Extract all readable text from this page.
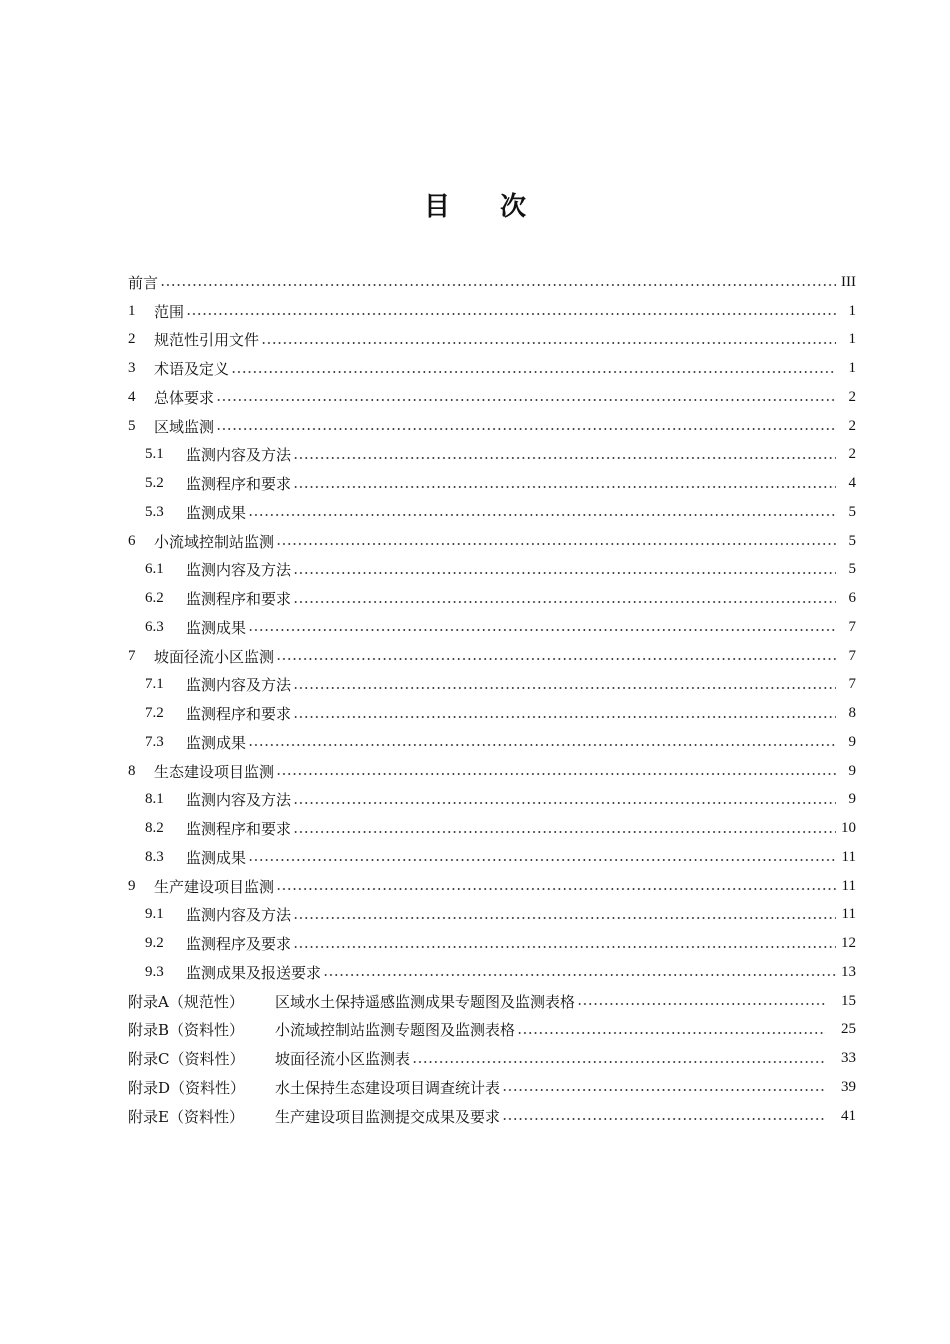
目 次
前言	III
1	范围	1
2	规范性引用文件	1
3	术语及定义	1
4	总体要求	2
5	区域监测	2
5.1	监测内容及方法	2
5.2	监测程序和要求	4
5.3	监测成果	5
6	小流域控制站监测	5
6.1	监测内容及方法	5
6.2	监测程序和要求	6
6.3	监测成果	7
7	坡面径流小区监测	7
7.1	监测内容及方法	7
7.2	监测程序和要求	8
7.3	监测成果	9
8	生态建设项目监测	9
8.1	监测内容及方法	9
8.2	监测程序和要求	10
8.3	监测成果	11
9	生产建设项目监测	11
9.1	监测内容及方法	11
9.2	监测程序及要求	12
9.3	监测成果及报送要求	13
附录A（规范性）	区域水土保持遥感监测成果专题图及监测表格	15
附录B（资料性）	小流域控制站监测专题图及监测表格	25
附录C（资料性）	坡面径流小区监测表	33
附录D（资料性）	水土保持生态建设项目调查统计表	39
附录E（资料性）	生产建设项目监测提交成果及要求	41
